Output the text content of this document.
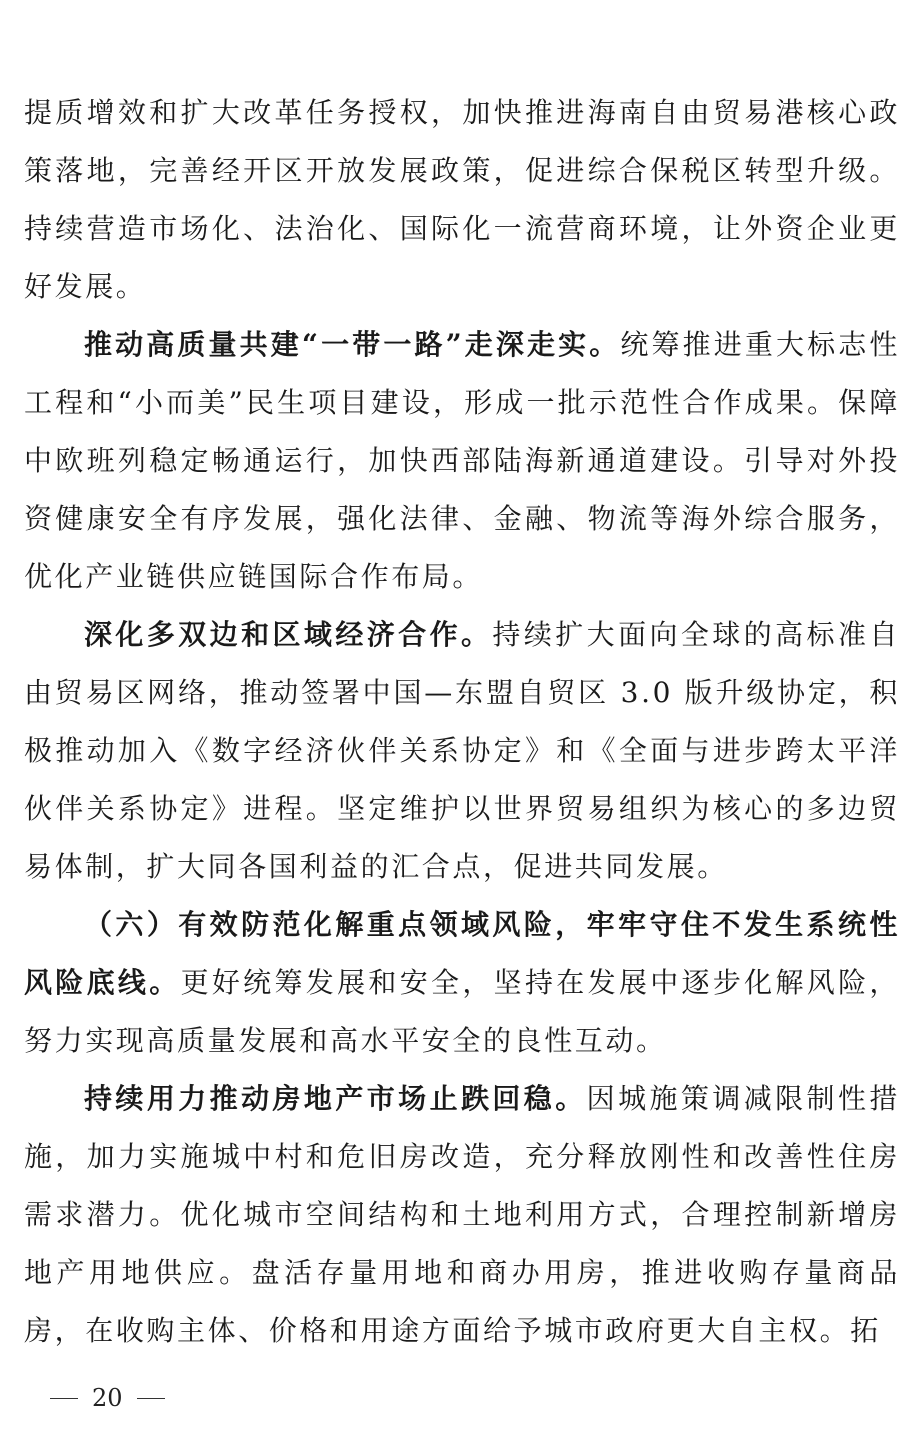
提质增效和扩大改革任务授权，加快推进海南自由贸易港核心政策落地，完善经开区开放发展政策，促进综合保税区转型升级。持续营造市场化、法治化、国际化一流营商环境，让外资企业更好发展。

推动高质量共建“一带一路”走深走实。统筹推进重大标志性工程和“小而美”民生项目建设，形成一批示范性合作成果。保障中欧班列稳定畅通运行，加快西部陆海新通道建设。引导对外投资健康安全有序发展，强化法律、金融、物流等海外综合服务，优化产业链供应链国际合作布局。

深化多双边和区域经济合作。持续扩大面向全球的高标准自由贸易区网络，推动签署中国—东盟自贸区 3.0 版升级协定，积极推动加入《数字经济伙伴关系协定》和《全面与进步跨太平洋伙伴关系协定》进程。坚定维护以世界贸易组织为核心的多边贸易体制，扩大同各国利益的汇合点，促进共同发展。

（六）有效防范化解重点领域风险，牢牢守住不发生系统性风险底线。更好统筹发展和安全，坚持在发展中逐步化解风险，努力实现高质量发展和高水平安全的良性互动。

持续用力推动房地产市场止跌回稳。因城施策调减限制性措施，加力实施城中村和危旧房改造，充分释放刚性和改善性住房需求潜力。优化城市空间结构和土地利用方式，合理控制新增房地产用地供应。盘活存量用地和商办用房，推进收购存量商品房，在收购主体、价格和用途方面给予城市政府更大自主权。拓

20
